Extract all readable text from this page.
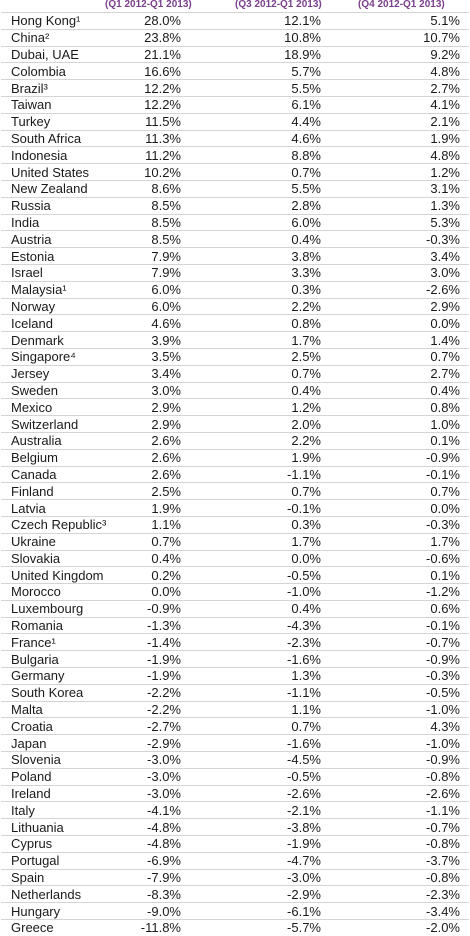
(Q1 2012-Q1 2013)	(Q3 2012-Q1 2013)	(Q4 2012-Q1 2013)
Hong Kong¹	28.0%		12.1%		5.1%	
China²	23.8%		10.8%		10.7%	
Dubai, UAE	21.1%		18.9%		9.2%	
Colombia	16.6%		5.7%		4.8%	
Brazil³	12.2%		5.5%		2.7%	
Taiwan	12.2%		6.1%		4.1%	
Turkey	11.5%		4.4%		2.1%	
South Africa	11.3%		4.6%		1.9%	
Indonesia	11.2%		8.8%		4.8%	
United States	10.2%		0.7%		1.2%	
New Zealand	8.6%		5.5%		3.1%	
Russia	8.5%		2.8%		1.3%	
India	8.5%		6.0%		5.3%	
Austria	8.5%		0.4%		-0.3%	
Estonia	7.9%		3.8%		3.4%	
Israel	7.9%		3.3%		3.0%	
Malaysia¹	6.0%		0.3%		-2.6%	
Norway	6.0%		2.2%		2.9%	
Iceland	4.6%		0.8%		0.0%	
Denmark	3.9%		1.7%		1.4%	
Singapore⁴	3.5%		2.5%		0.7%	
Jersey	3.4%		0.7%		2.7%	
Sweden	3.0%		0.4%		0.4%	
Mexico	2.9%		1.2%		0.8%	
Switzerland	2.9%		2.0%		1.0%	
Australia	2.6%		2.2%		0.1%	
Belgium	2.6%		1.9%		-0.9%	
Canada	2.6%		-1.1%		-0.1%	
Finland	2.5%		0.7%		0.7%	
Latvia	1.9%		-0.1%		0.0%	
Czech Republic³	1.1%		0.3%		-0.3%	
Ukraine	0.7%		1.7%		1.7%	
Slovakia	0.4%		0.0%		-0.6%	
United Kingdom	0.2%		-0.5%		0.1%	
Morocco	0.0%		-1.0%		-1.2%	
Luxembourg	-0.9%		0.4%		0.6%	
Romania	-1.3%		-4.3%		-0.1%	
France¹	-1.4%		-2.3%		-0.7%	
Bulgaria	-1.9%		-1.6%		-0.9%	
Germany	-1.9%		1.3%		-0.3%	
South Korea	-2.2%		-1.1%		-0.5%	
Malta	-2.2%		1.1%		-1.0%	
Croatia	-2.7%		0.7%		4.3%	
Japan	-2.9%		-1.6%		-1.0%	
Slovenia	-3.0%		-4.5%		-0.9%	
Poland	-3.0%		-0.5%		-0.8%	
Ireland	-3.0%		-2.6%		-2.6%	
Italy	-4.1%		-2.1%		-1.1%	
Lithuania	-4.8%		-3.8%		-0.7%	
Cyprus	-4.8%		-1.9%		-0.8%	
Portugal	-6.9%		-4.7%		-3.7%	
Spain	-7.9%		-3.0%		-0.8%	
Netherlands	-8.3%		-2.9%		-2.3%	
Hungary	-9.0%		-6.1%		-3.4%	
Greece	-11.8%		-5.7%		-2.0%	
